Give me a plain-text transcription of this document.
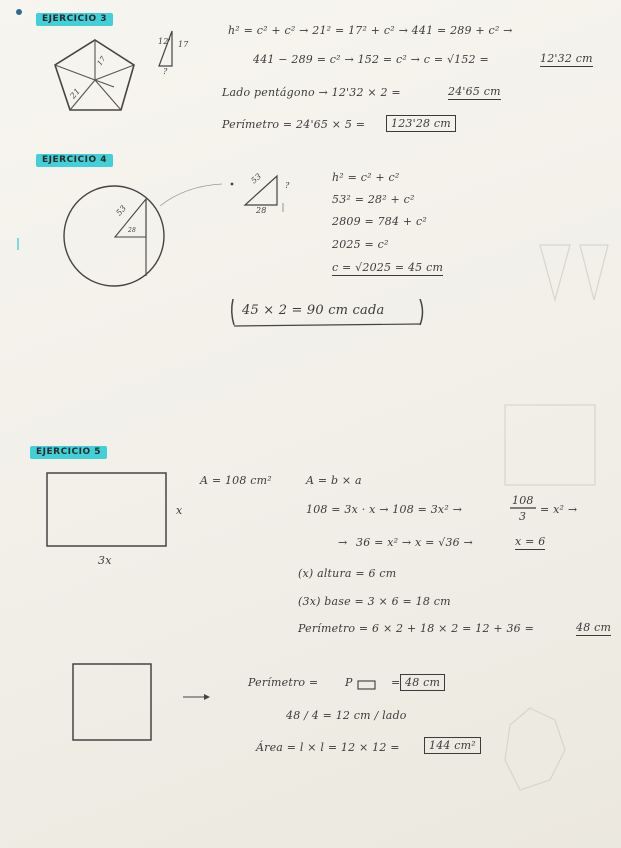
EJERCICIO 3
12' 17
?
17
21
h² = c² + c² → 21² = 17² + c² → 441 = 289 + c² →
441 − 289 = c² → 152 = c² → c = √152 =	12'32 cm
Lado pentágono → 12'32 × 2 =	24'65 cm
Perímetro = 24'65 × 5 =	123'28 cm
EJERCICIO 4
53
28
53
28
?
h² = c² + c²
53² = 28² + c²
2809 = 784 + c²
2025 = c²
c = √2025 = 45 cm
45 × 2 = 90 cm cada
EJERCICIO 5
x
3x
A = 108 cm²	A = b × a
108 = 3x · x → 108 = 3x² →
108
3
= x² →
→ 36 = x² → x = √36 →	x = 6
(x) altura = 6 cm
(3x) base = 3 × 6 = 18 cm
Perímetro = 6 × 2 + 18 × 2 = 12 + 36 =	48 cm
Perímetro = P	= 48 cm
48 / 4 = 12 cm / lado
Área = l × l = 12 × 12 =	144 cm²
